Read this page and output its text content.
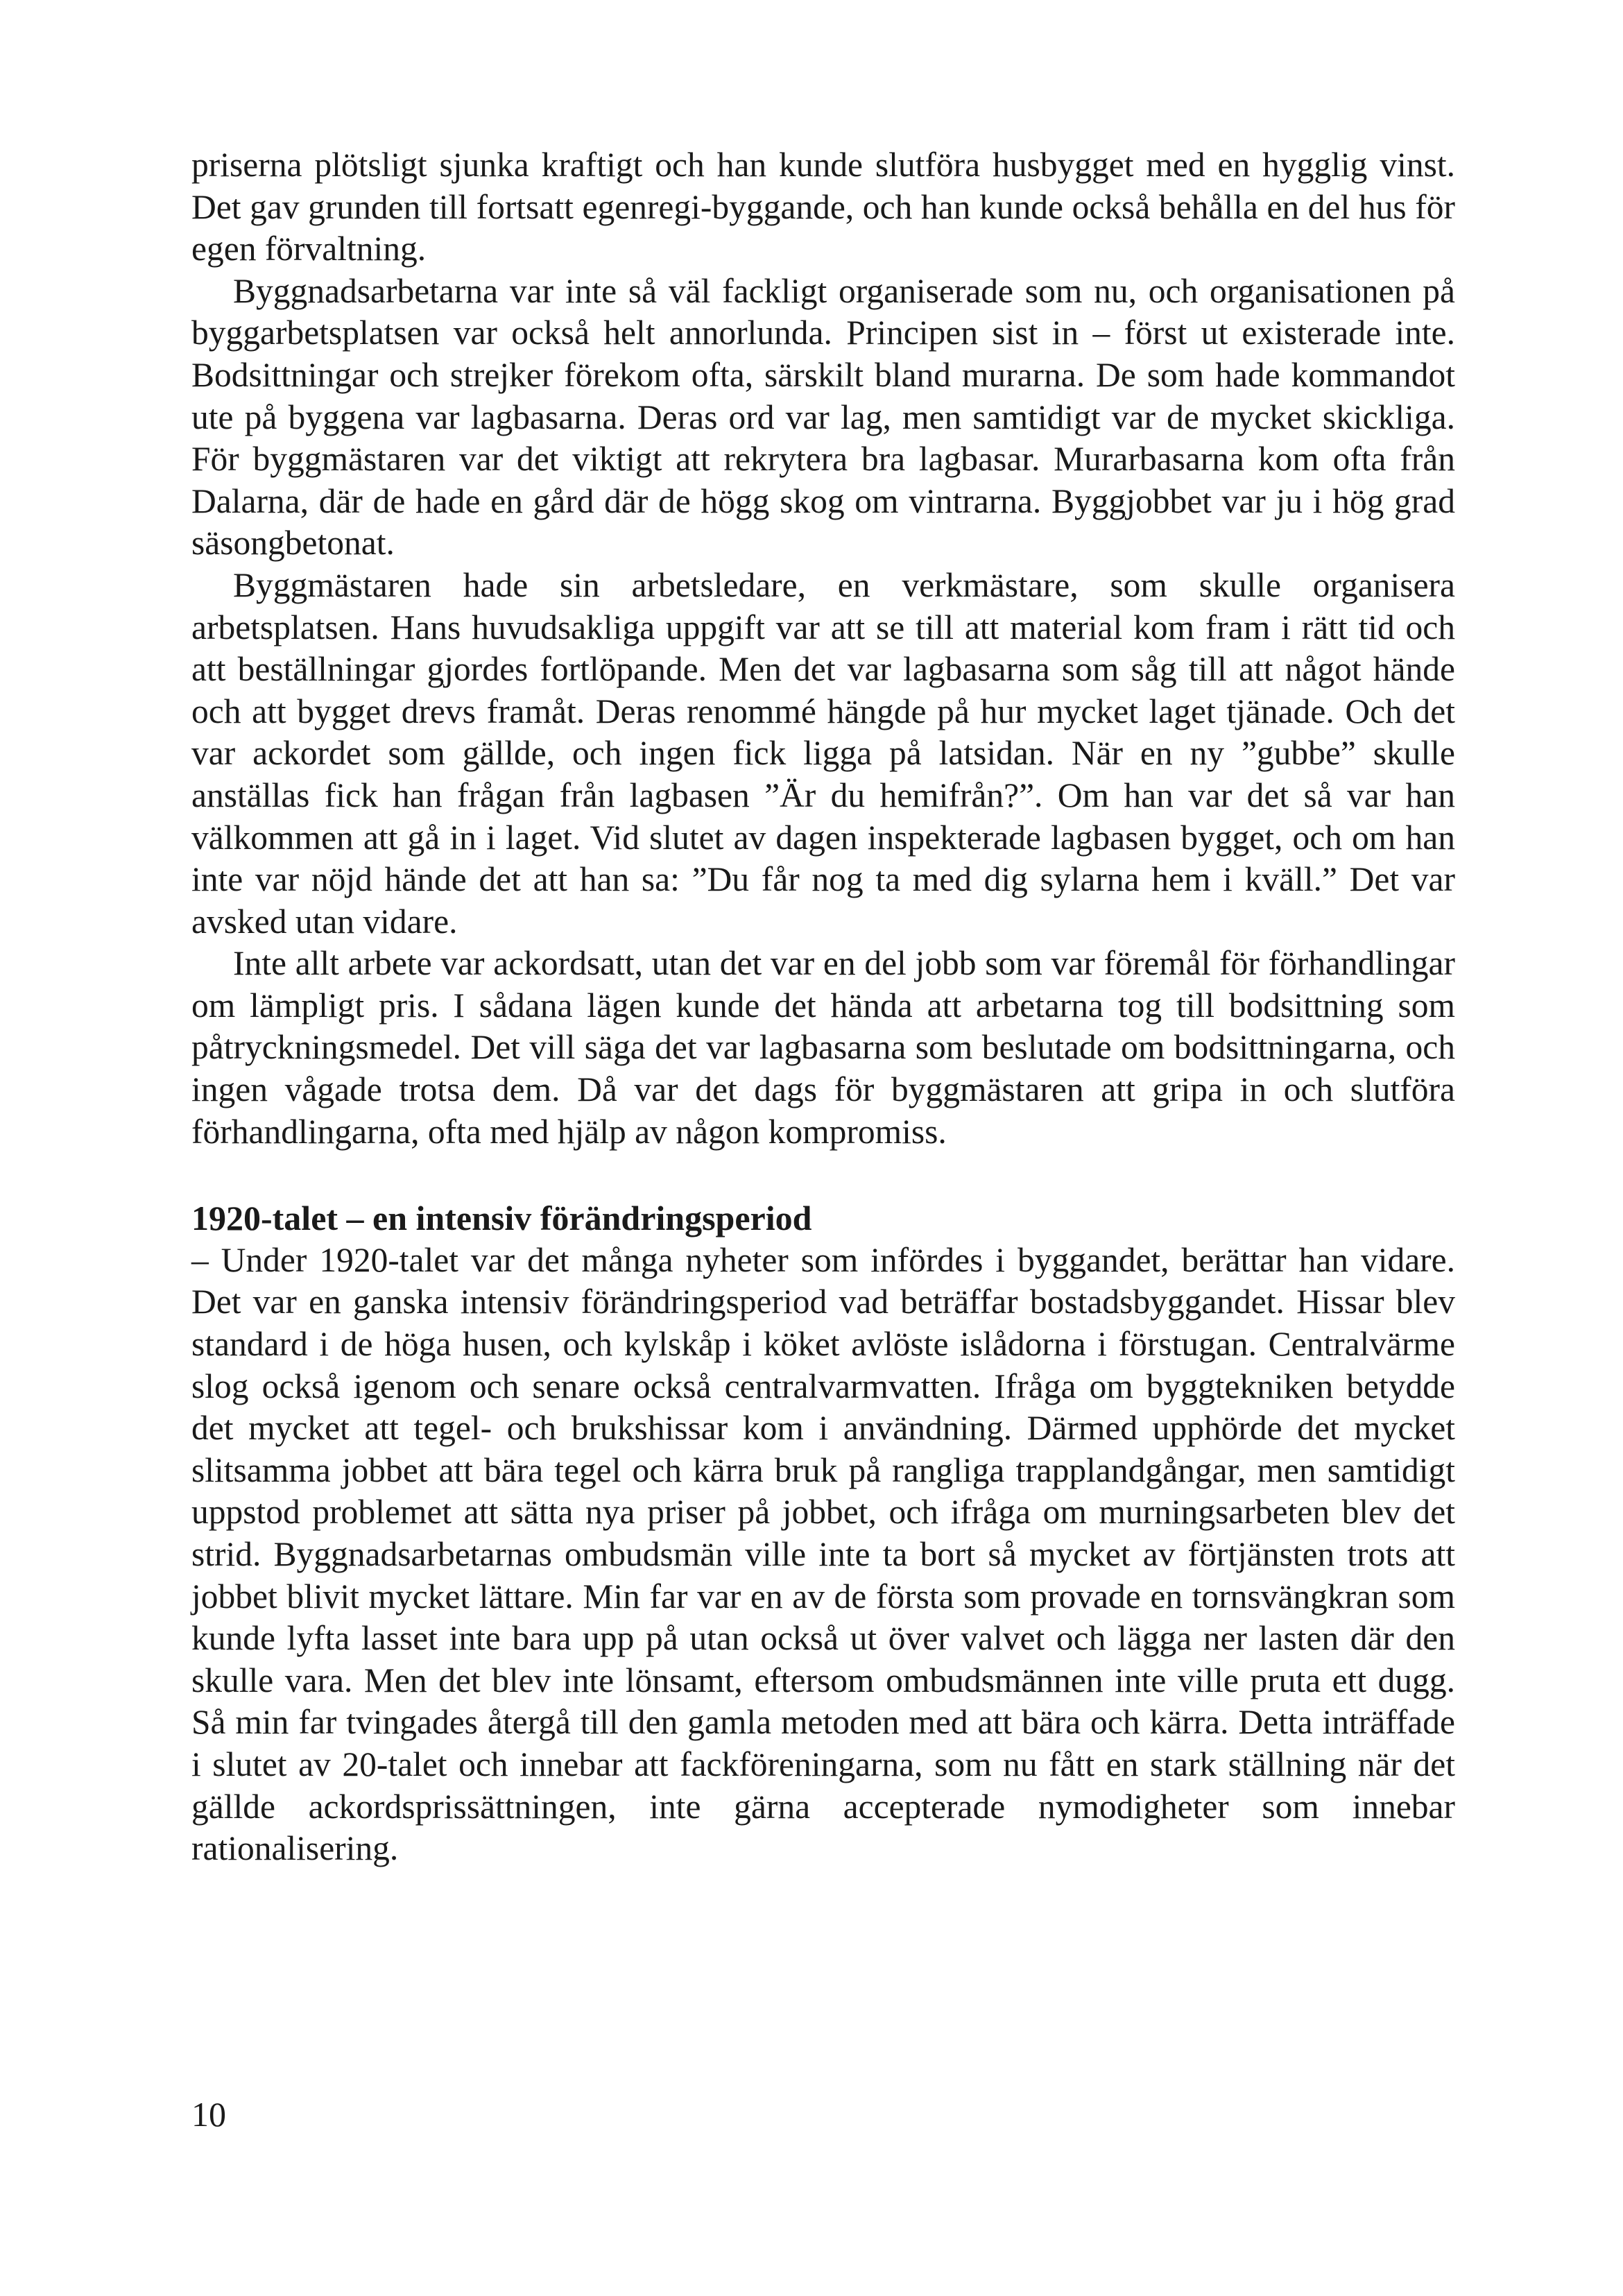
priserna plötsligt sjunka kraftigt och han kunde slutföra husbygget med en hygglig vinst. Det gav grunden till fortsatt egenregi-byggande, och han kunde också behålla en del hus för egen förvaltning.

Byggnadsarbetarna var inte så väl fackligt organiserade som nu, och organisationen på byggarbetsplatsen var också helt annorlunda. Principen sist in – först ut existerade inte. Bodsittningar och strejker förekom ofta, särskilt bland murarna. De som hade kommandot ute på byggena var lagbasarna. Deras ord var lag, men samtidigt var de mycket skickliga. För byggmästaren var det viktigt att rekrytera bra lagbasar. Murarbasarna kom ofta från Dalarna, där de hade en gård där de högg skog om vintrarna. Byggjobbet var ju i hög grad säsongbetonat.

Byggmästaren hade sin arbetsledare, en verkmästare, som skulle organisera arbetsplatsen. Hans huvudsakliga uppgift var att se till att material kom fram i rätt tid och att beställningar gjordes fortlöpande. Men det var lagbasarna som såg till att något hände och att bygget drevs framåt. Deras renommé hängde på hur mycket laget tjänade. Och det var ackordet som gällde, och ingen fick ligga på latsidan. När en ny ”gubbe” skulle anställas fick han frågan från lagbasen ”Är du hemifrån?”. Om han var det så var han välkommen att gå in i laget. Vid slutet av dagen inspekterade lagbasen bygget, och om han inte var nöjd hände det att han sa: ”Du får nog ta med dig sylarna hem i kväll.” Det var avsked utan vidare.

Inte allt arbete var ackordsatt, utan det var en del jobb som var föremål för förhandlingar om lämpligt pris. I sådana lägen kunde det hända att arbetarna tog till bodsittning som påtryckningsmedel. Det vill säga det var lagbasarna som beslutade om bodsittningarna, och ingen vågade trotsa dem. Då var det dags för byggmästaren att gripa in och slutföra förhandlingarna, ofta med hjälp av någon kompromiss.

1920-talet – en intensiv förändringsperiod

– Under 1920-talet var det många nyheter som infördes i byggandet, berättar han vidare. Det var en ganska intensiv förändringsperiod vad beträffar bostadsbyggandet. Hissar blev standard i de höga husen, och kylskåp i köket avlöste islådorna i förstugan. Centralvärme slog också igenom och senare också centralvarmvatten. Ifråga om byggtekniken betydde det mycket att tegel- och brukshissar kom i användning. Därmed upphörde det mycket slitsamma jobbet att bära tegel och kärra bruk på rangliga trapplandgångar, men samtidigt uppstod problemet att sätta nya priser på jobbet, och ifråga om murningsarbeten blev det strid. Byggnadsarbetarnas ombudsmän ville inte ta bort så mycket av förtjänsten trots att jobbet blivit mycket lättare. Min far var en av de första som provade en tornsvängkran som kunde lyfta lasset inte bara upp på utan också ut över valvet och lägga ner lasten där den skulle vara. Men det blev inte lönsamt, eftersom ombudsmännen inte ville pruta ett dugg. Så min far tvingades återgå till den gamla metoden med att bära och kärra. Detta inträffade i slutet av 20-talet och innebar att fackföreningarna, som nu fått en stark ställning när det gällde ackordsprissättningen, inte gärna accepterade nymodigheter som innebar rationalisering.

10
